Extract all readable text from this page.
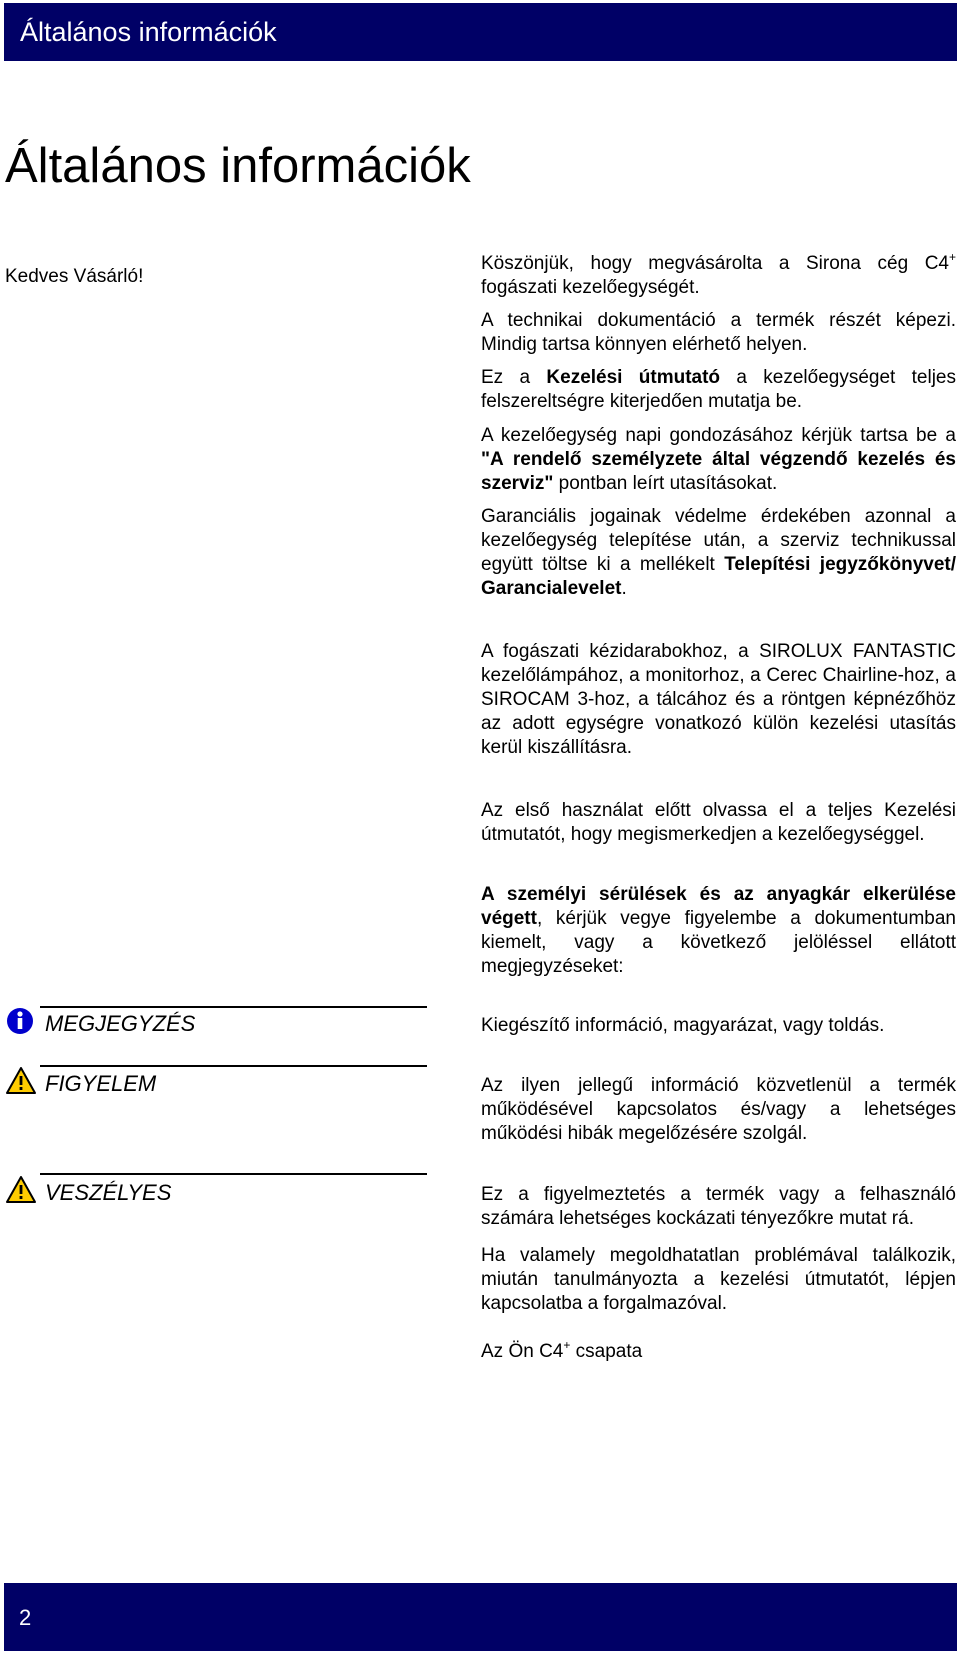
Általános információk
Általános információk
Kedves Vásárló!
Köszönjük, hogy megvásárolta a Sirona cég C4+ fogászati kezelőegységét.
A technikai dokumentáció a termék részét képezi. Mindig tartsa könnyen elérhető helyen.
Ez a Kezelési útmutató a kezelőegységet teljes felszereltségre kiterjedően mutatja be.
A kezelőegység napi gondozásához kérjük tartsa be a "A rendelő személyzete által végzendő kezelés és szerviz" pontban leírt utasításokat.
Garanciális jogainak védelme érdekében azonnal a kezelőegység telepítése után, a szerviz technikussal együtt töltse ki a mellékelt Telepítési jegyzőkönyvet/ Garancialevelet.
A fogászati kézidarabokhoz, a SIROLUX FANTASTIC kezelőlámpához, a monitorhoz, a Cerec Chairline-hoz, a SIROCAM 3-hoz, a tálcához és a röntgen képnézőhöz az adott egységre vonatkozó külön kezelési utasítás kerül kiszállításra.
Az első használat előtt olvassa el a teljes Kezelési útmutatót, hogy megismerkedjen a kezelőegységgel.
A személyi sérülések és az anyagkár elkerülése végett, kérjük vegye figyelembe a dokumentumban kiemelt, vagy a következő jelöléssel ellátott megjegyzéseket:
MEGJEGYZÉS	Kiegészítő információ, magyarázat, vagy toldás.
FIGYELEM	Az ilyen jellegű információ közvetlenül a termék működésével kapcsolatos és/vagy a lehetséges működési hibák megelőzésére szolgál.
VESZÉLYES	Ez a figyelmeztetés a termék vagy a felhasználó számára lehetséges kockázati tényezőkre mutat rá.
Ha valamely megoldhatatlan problémával találkozik, miután tanulmányozta a kezelési útmutatót, lépjen kapcsolatba a forgalmazóval.
Az Ön C4+ csapata
2
